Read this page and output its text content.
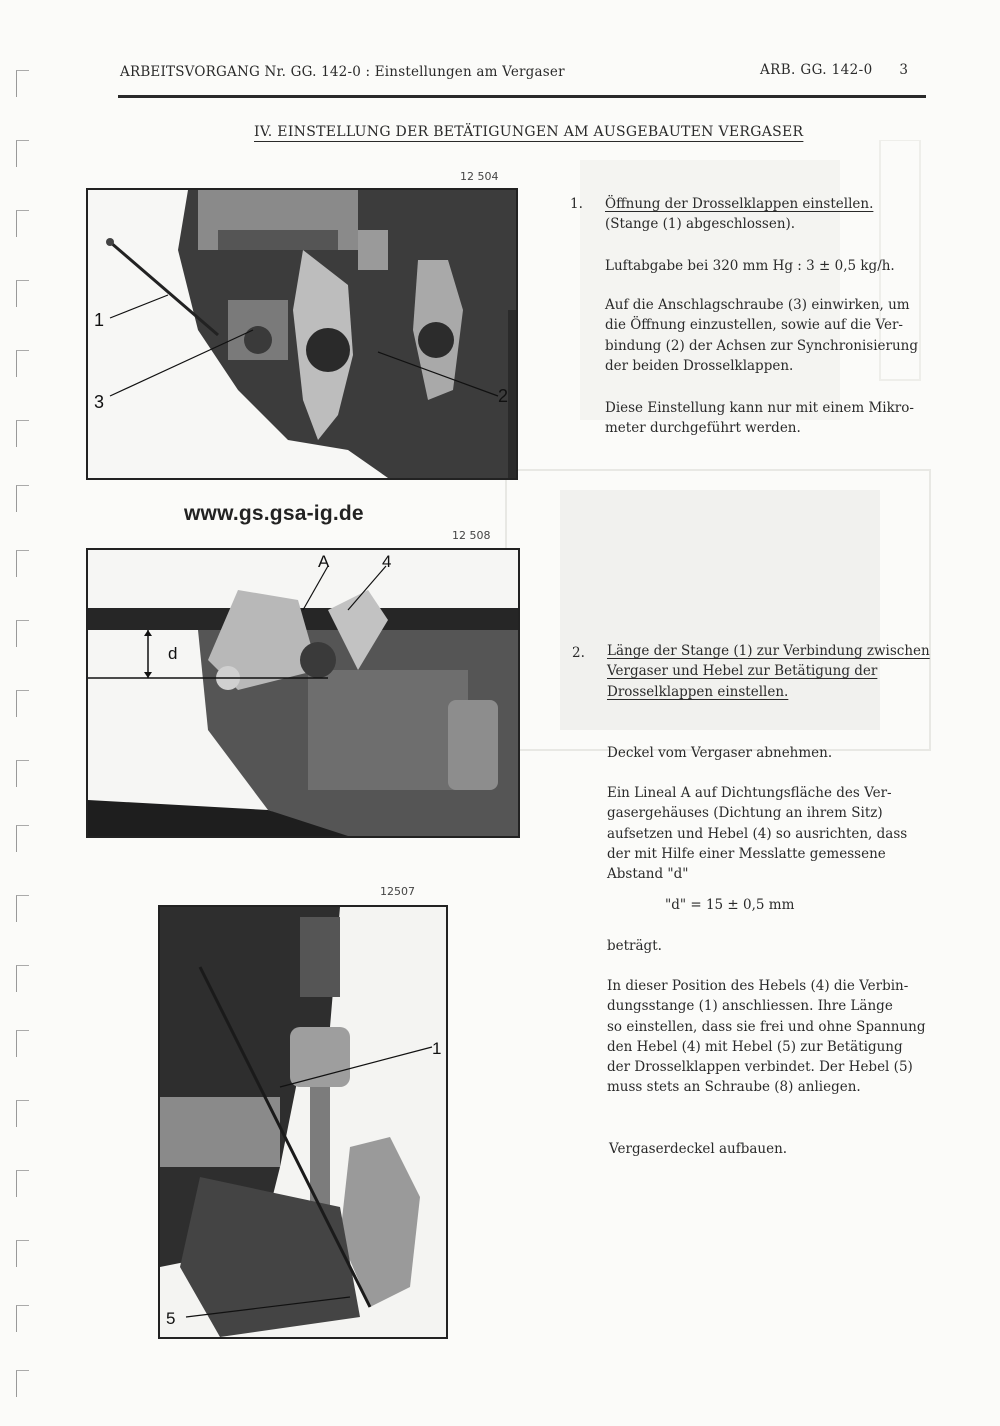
ARBEITSVORGANG Nr. GG. 142-0 : Einstellungen am Vergaser	ARB. GG. 142-0 3
IV. EINSTELLUNG DER BETÄTIGUNGEN AM AUSGEBAUTEN VERGASER
12 504
1
3	2
www.gs.gsa-ig.de
12 508
A	4
d
12507
1
5
1. Öffnung der Drosselklappen einstellen.
(Stange (1) abgeschlossen).
Luftabgabe bei 320 mm Hg : 3 ± 0,5 kg/h.
Auf die Anschlagschraube (3) einwirken, um
die Öffnung einzustellen, sowie auf die Ver-
bindung (2) der Achsen zur Synchronisierung
der beiden Drosselklappen.
Diese Einstellung kann nur mit einem Mikro-
meter durchgeführt werden.
2. Länge der Stange (1) zur Verbindung zwischen
Vergaser und Hebel zur Betätigung der
Drosselklappen einstellen.
Deckel vom Vergaser abnehmen.
Ein Lineal A auf Dichtungsfläche des Ver-
gasergehäuses (Dichtung an ihrem Sitz)
aufsetzen und Hebel (4) so ausrichten, dass
der mit Hilfe einer Messlatte gemessene
Abstand "d"
"d" = 15 ± 0,5 mm
beträgt.
In dieser Position des Hebels (4) die Verbin-
dungsstange (1) anschliessen. Ihre Länge
so einstellen, dass sie frei und ohne Spannung
den Hebel (4) mit Hebel (5) zur Betätigung
der Drosselklappen verbindet. Der Hebel (5)
muss stets an Schraube (8) anliegen.
Vergaserdeckel aufbauen.
